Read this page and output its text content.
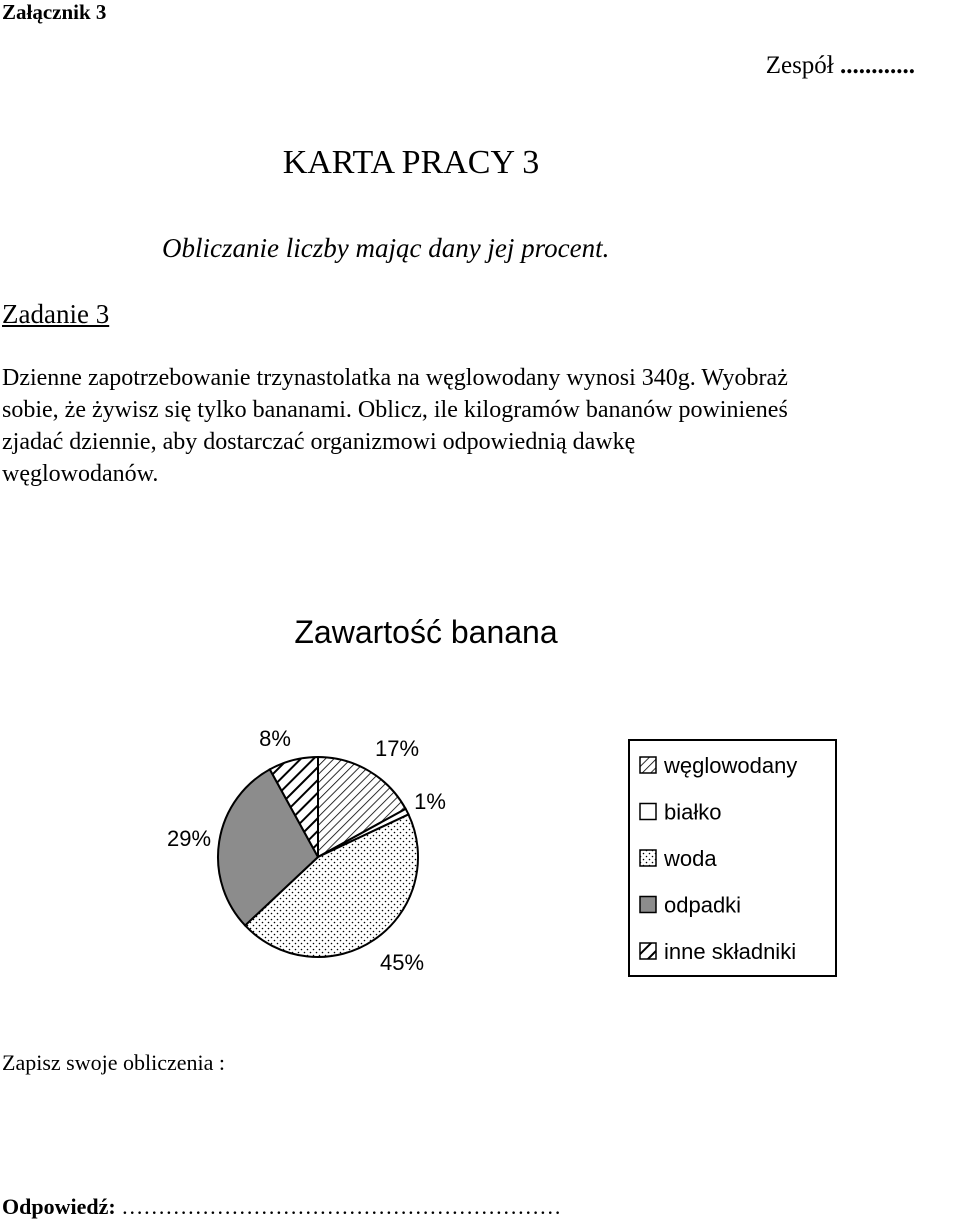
Załącznik 3
Zespół ............
KARTA PRACY 3
Obliczanie liczby mając dany jej procent.
Zadanie 3
Dzienne zapotrzebowanie trzynastolatka na węglowodany wynosi 340g. Wyobraż
sobie, że żywisz się tylko bananami. Oblicz, ile kilogramów bananów powinieneś
zjadać dziennie, aby dostarczać organizmowi odpowiednią dawkę
węglowodanów.
Zawartość banana
17%
1%
45%
29%
8%
węglowodany
białko
woda
odpadki
inne składniki
Zapisz swoje obliczenia :
Odpowiedź: ……………………………………………………
